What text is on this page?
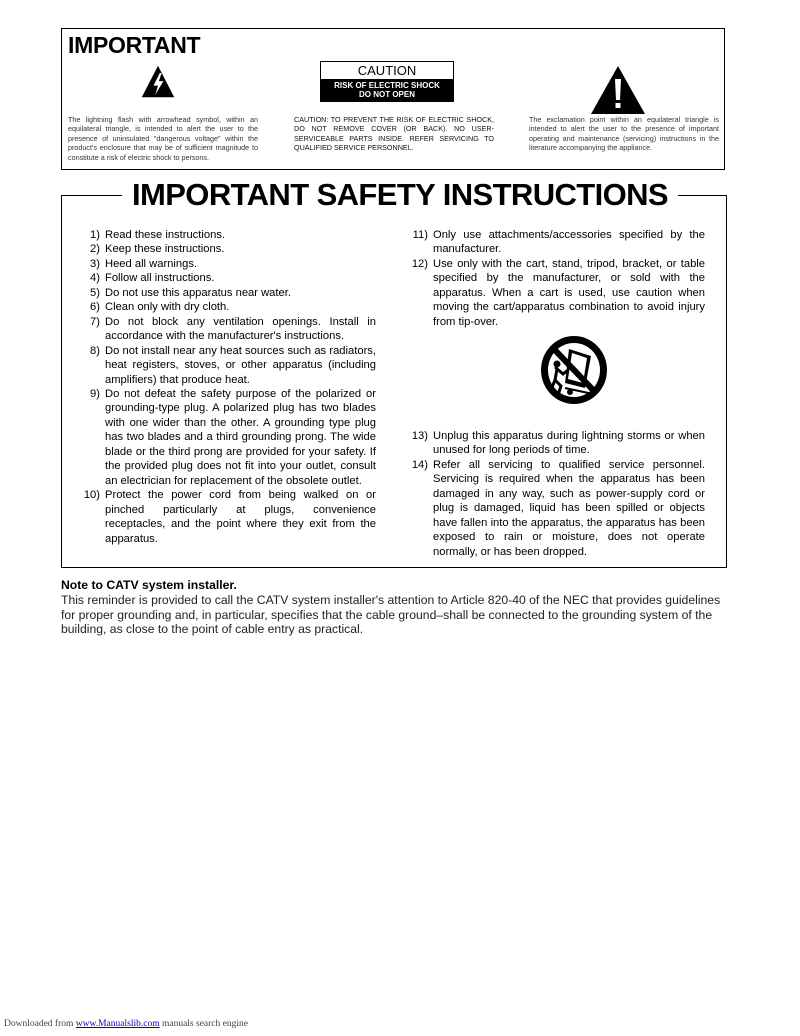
IMPORTANT
CAUTION
RISK OF ELECTRIC SHOCK
DO NOT OPEN
The lightning flash with arrowhead symbol, within an equilateral triangle, is intended to alert the user to the presence of uninsulated "dangerous voltage" within the product's enclosure that may be of sufficient magnitude to constitute a risk of electric shock to persons.
CAUTION: TO PREVENT THE RISK OF ELECTRIC SHOCK, DO NOT REMOVE COVER (OR BACK). NO USER-SERVICEABLE PARTS INSIDE. REFER SERVICING TO QUALIFIED SERVICE PERSONNEL.
The exclamation point within an equilateral triangle is intended to alert the user to the presence of important operating and maintenance (servicing) instructions in the literature accompanying the appliance.
IMPORTANT SAFETY INSTRUCTIONS
1) Read these instructions.
2) Keep these instructions.
3) Heed all warnings.
4) Follow all instructions.
5) Do not use this apparatus near water.
6) Clean only with dry cloth.
7) Do not block any ventilation openings. Install in accordance with the manufacturer's instructions.
8) Do not install near any heat sources such as radiators, heat registers, stoves, or other apparatus (including amplifiers) that produce heat.
9) Do not defeat the safety purpose of the polarized or grounding-type plug. A polarized plug has two blades with one wider than the other. A grounding type plug has two blades and a third grounding prong. The wide blade or the third prong are provided for your safety. If the provided plug does not fit into your outlet, consult an electrician for replacement of the obsolete outlet.
10) Protect the power cord from being walked on or pinched particularly at plugs, convenience receptacles, and the point where they exit from the apparatus.
11) Only use attachments/accessories specified by the manufacturer.
12) Use only with the cart, stand, tripod, bracket, or table specified by the manufacturer, or sold with the apparatus. When a cart is used, use caution when moving the cart/apparatus combination to avoid injury from tip-over.
13) Unplug this apparatus during lightning storms or when unused for long periods of time.
14) Refer all servicing to qualified service personnel. Servicing is required when the apparatus has been damaged in any way, such as power-supply cord or plug is damaged, liquid has been spilled or objects have fallen into the apparatus, the apparatus has been exposed to rain or moisture, does not operate normally, or has been dropped.
Note to CATV system installer.
This reminder is provided to call the CATV system installer's attention to Article 820-40 of the NEC that provides guidelines for proper grounding and, in particular, specifies that the cable ground–shall be connected to the grounding system of the building, as close to the point of cable entry as practical.
Downloaded from www.Manualslib.com manuals search engine
